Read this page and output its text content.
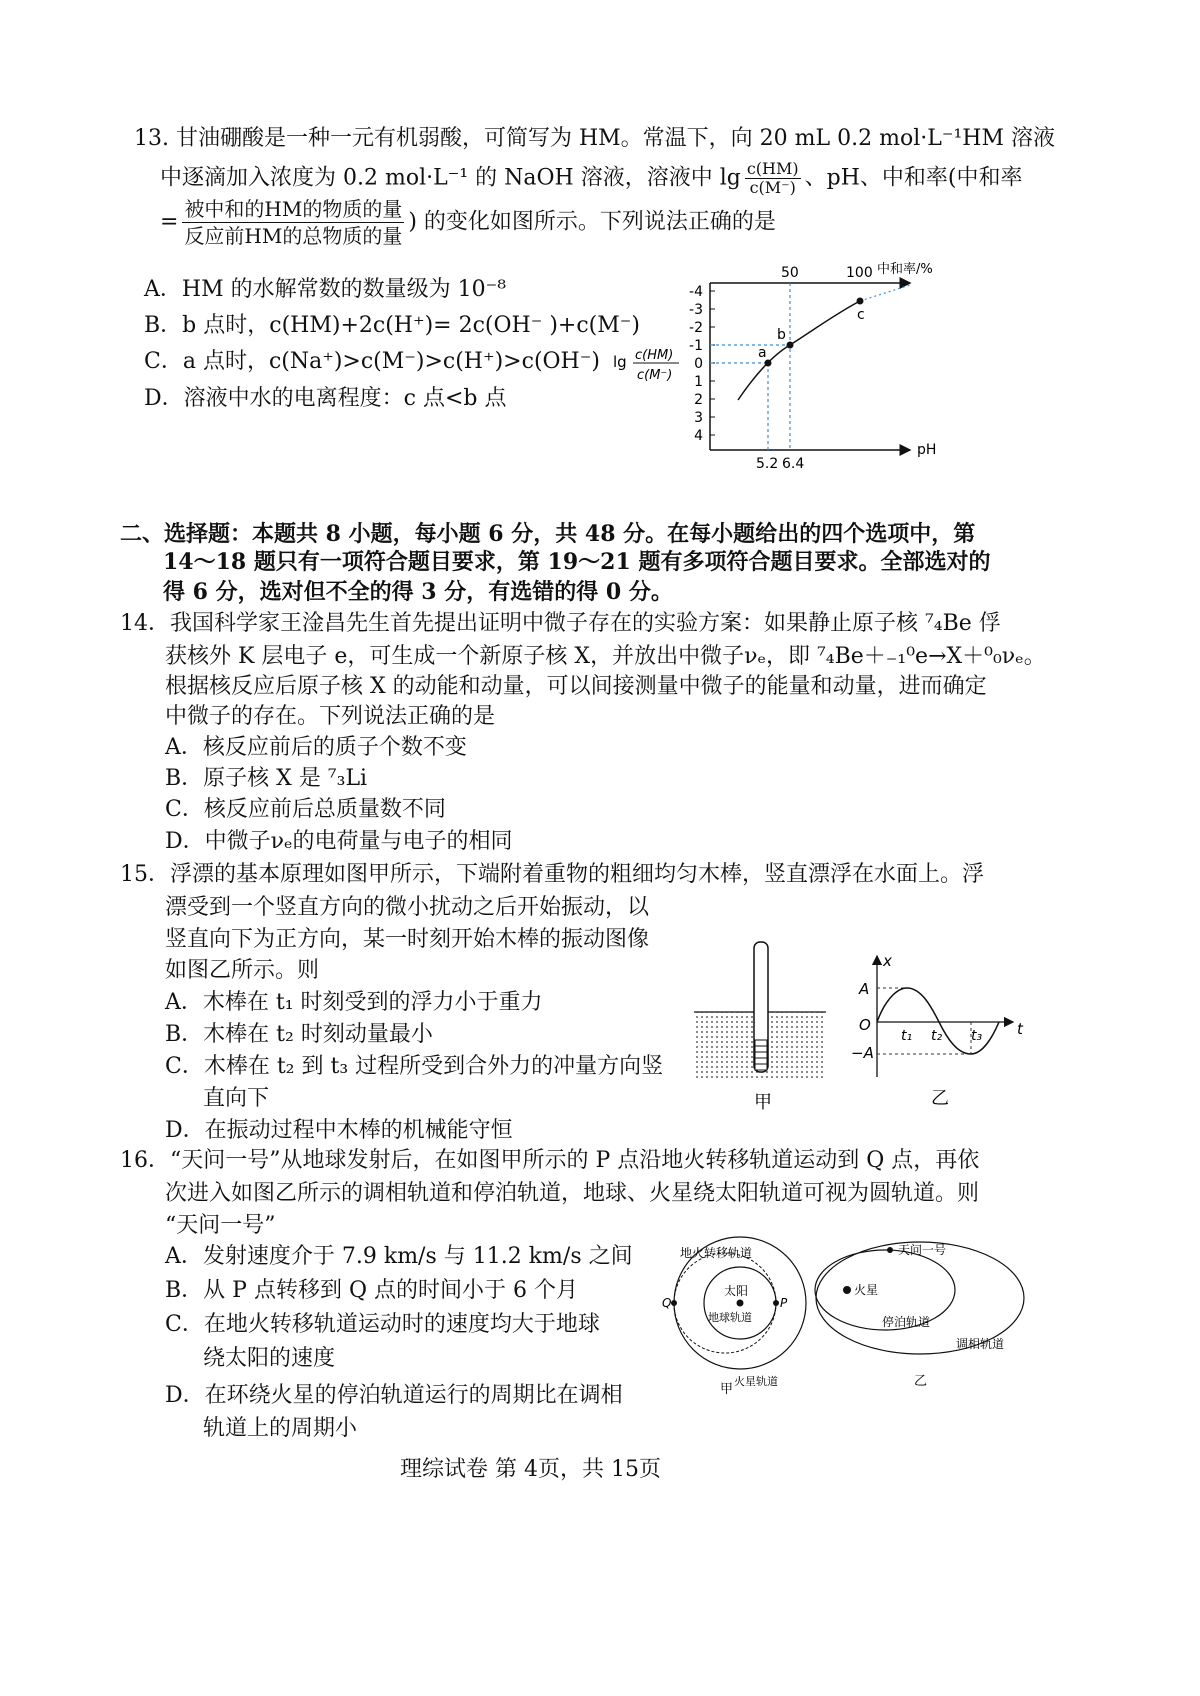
13. 甘油硼酸是一种一元有机弱酸，可简写为 HM。常温下，向 20 mL 0.2 mol·L⁻¹HM 溶液
中逐滴加入浓度为 0.2 mol·L⁻¹ 的 NaOH 溶液，溶液中 $\lg \frac{c(HM)}{c(M^-)}$ 、pH、中和率(中和率
= $\frac{\text{被中和的HM的物质的量}}{\text{反应前HM的总物质的量}}$ ) 的变化如图所示。下列说法正确的是
A．HM 的水解常数的数量级为 10⁻⁸
B．b 点时，c(HM)+2c(H⁺)= 2c(OH⁻ )+c(M⁻)
C．a 点时，c(Na⁺)>c(M⁻)>c(H⁺)>c(OH⁻)
D．溶液中水的电离程度：c 点<b 点
-4
-3
-2
-1
0
1
2
3
4
lg c(HM)
c(M⁻)
a
b
c
5.2 6.4
pH
50	100 中和率/%
二、选择题：本题共 8 小题，每小题 6 分，共 48 分。在每小题给出的四个选项中，第
14～18 题只有一项符合题目要求，第 19～21 题有多项符合题目要求。全部选对的
得 6 分，选对但不全的得 3 分，有选错的得 0 分。
14．我国科学家王淦昌先生首先提出证明中微子存在的实验方案：如果静止原子核 ⁷₄Be 俘
获核外 K 层电子 e，可生成一个新原子核 X，并放出中微子νₑ，即 ⁷₄Be＋₋₁⁰e→X＋⁰₀νₑ。
根据核反应后原子核 X 的动能和动量，可以间接测量中微子的能量和动量，进而确定
中微子的存在。下列说法正确的是
A．核反应前后的质子个数不变
B．原子核 X 是 ⁷₃Li
C．核反应前后总质量数不同
D．中微子νₑ的电荷量与电子的相同
15．浮漂的基本原理如图甲所示，下端附着重物的粗细均匀木棒，竖直漂浮在水面上。浮
漂受到一个竖直方向的微小扰动之后开始振动，以
竖直向下为正方向，某一时刻开始木棒的振动图像
如图乙所示。则
A．木棒在 t₁ 时刻受到的浮力小于重力
B．木棒在 t₂ 时刻动量最小
C．木棒在 t₂ 到 t₃ 过程所受到合外力的冲量方向竖
直向下
D．在振动过程中木棒的机械能守恒
甲
x
t
A
−A
O
t₁ t₂ t₃
乙
16．“天问一号”从地球发射后，在如图甲所示的 P 点沿地火转移轨道运动到 Q 点，再依
次进入如图乙所示的调相轨道和停泊轨道，地球、火星绕太阳轨道可视为圆轨道。则
“天问一号”
A．发射速度介于 7.9 km/s 与 11.2 km/s 之间
B．从 P 点转移到 Q 点的时间小于 6 个月
C．在地火转移轨道运动时的速度均大于地球
绕太阳的速度
D．在环绕火星的停泊轨道运行的周期比在调相
轨道上的周期小
地火转移轨道
太阳
地球轨道
火星轨道
P
Q
甲
天问一号
火星
停泊轨道
调相轨道
乙
理综试卷 第 4页，共 15页
